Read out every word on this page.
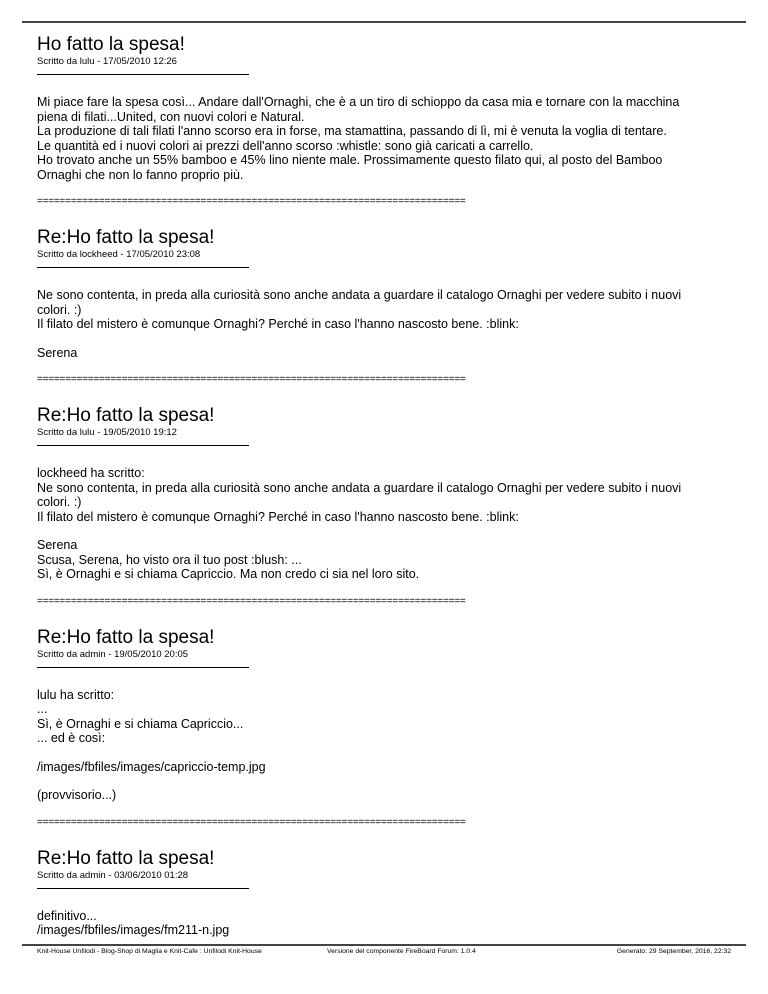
Ho fatto la spesa!

Scritto da lulu - 17/05/2010 12:26

Mi piace fare la spesa così... Andare dall'Ornaghi, che è a un tiro di schioppo da casa mia e tornare con la macchina
piena di filati...United, con nuovi colori e Natural.
La produzione di tali filati l'anno scorso era in forse, ma stamattina, passando di lì, mi è venuta la voglia di tentare.
Le quantità ed i nuovi colori ai prezzi dell'anno scorso :whistle: sono già caricati a carrello.
Ho trovato anche un 55% bamboo e 45% lino niente male. Prossimamente questo filato qui, al posto del Bamboo
Ornaghi che non lo fanno proprio più.

============================================================================
Re:Ho fatto la spesa!

Scritto da lockheed - 17/05/2010 23:08

Ne sono contenta, in preda alla curiosità sono anche andata a guardare il catalogo Ornaghi per vedere subito i nuovi
colori. :)
Il filato del mistero è comunque Ornaghi? Perché in caso l'hanno nascosto bene. :blink:

Serena

============================================================================
Re:Ho fatto la spesa!

Scritto da lulu - 19/05/2010 19:12

lockheed ha scritto:
Ne sono contenta, in preda alla curiosità sono anche andata a guardare il catalogo Ornaghi per vedere subito i nuovi
colori. :)
Il filato del mistero è comunque Ornaghi? Perché in caso l'hanno nascosto bene. :blink:

Serena
Scusa, Serena, ho visto ora il tuo post :blush: ...
Sì, è Ornaghi e si chiama Capriccio. Ma non credo ci sia nel loro sito.

============================================================================
Re:Ho fatto la spesa!

Scritto da admin - 19/05/2010 20:05

lulu ha scritto:
...
Sì, è Ornaghi e si chiama Capriccio...
... ed è così:

/images/fbfiles/images/capriccio-temp.jpg

(provvisorio...)

============================================================================
Re:Ho fatto la spesa!

Scritto da admin - 03/06/2010 01:28

definitivo...
/images/fbfiles/images/fm211-n.jpg

Knit-House Unfilodi - Blog-Shop di Maglia e Knit-Cafe : Unfilodi Knit-House	Versione del componente FireBoard Forum: 1.0.4	Generato: 29 September, 2016, 22:32
